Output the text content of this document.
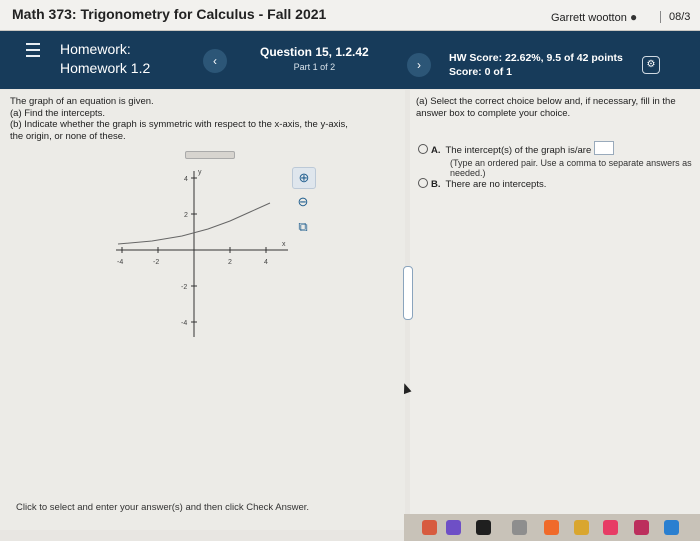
Math 373: Trigonometry for Calculus - Fall 2021	Garrett wootton ●	08/3
Homework:
Homework 1.2	‹
Question 15, 1.2.42
Part 1 of 2	›	HW Score: 22.62%, 9.5 of 42 points
Score: 0 of 1
⚙
The graph of an equation is given.
(a) Find the intercepts.
(b) Indicate whether the graph is symmetric with respect to the x-axis, the y-axis,
the origin, or none of these.
y
x
-4	-2	2	4
4
2
-2
-4
⊕
⊖
⧉
Click to select and enter your answer(s) and then click Check Answer.
(a) Select the correct choice below and, if necessary, fill in the answer box to complete your choice.
A. The intercept(s) of the graph is/are
(Type an ordered pair. Use a comma to separate answers as needed.)
B. There are no intercepts.
